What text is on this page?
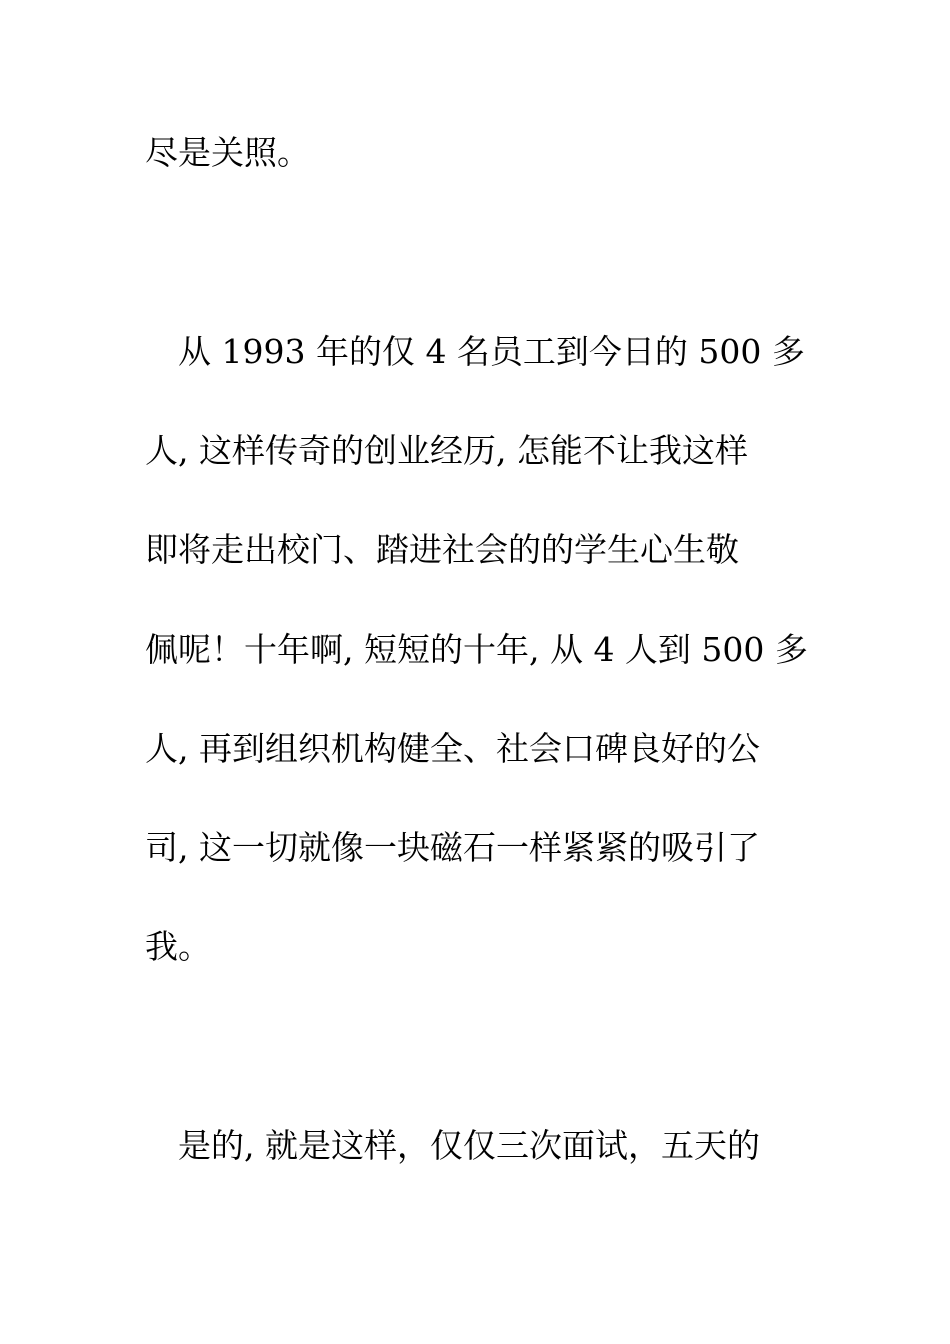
尽是关照。

　从 1993 年的仅 4 名员工到今日的 500 多

人, 这样传奇的创业经历, 怎能不让我这样

即将走出校门、踏进社会的的学生心生敬

佩呢！十年啊, 短短的十年, 从 4 人到 500 多

人, 再到组织机构健全、社会口碑良好的公

司, 这一切就像一块磁石一样紧紧的吸引了

我。

　是的, 就是这样，仅仅三次面试，五天的
